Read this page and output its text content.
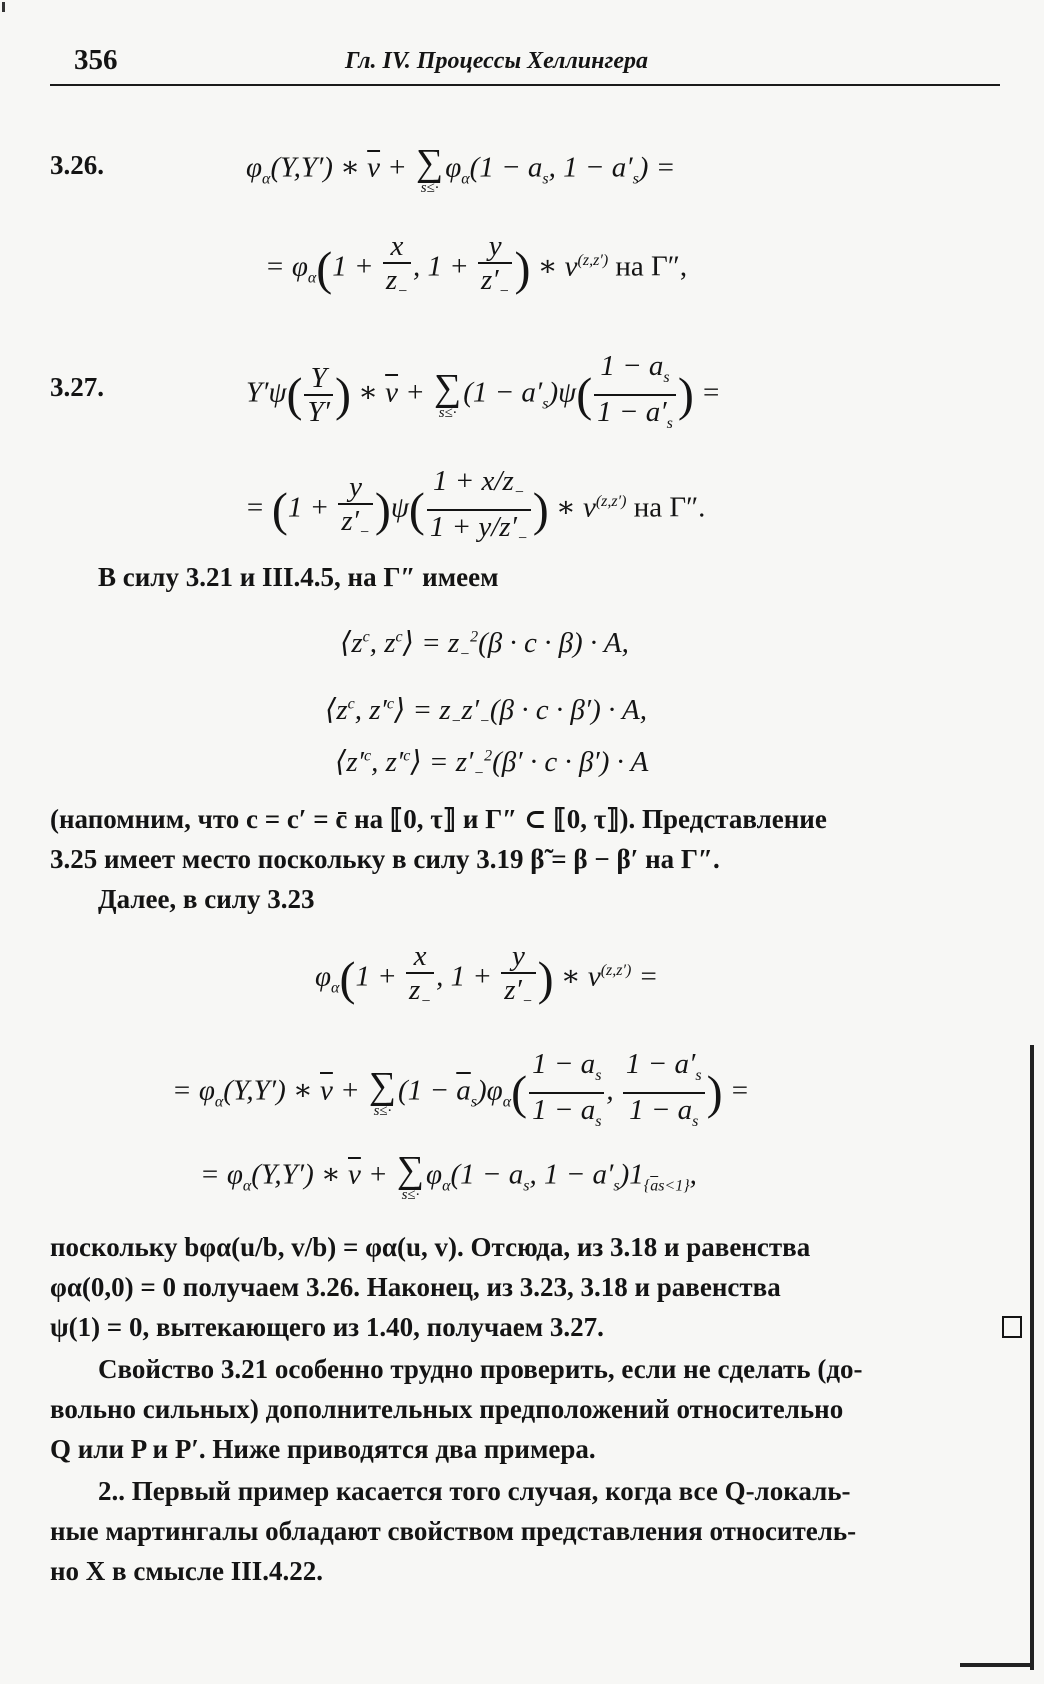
356	Гл. IV. Процессы Хеллингера
3.26.	$\varphi_\alpha(Y,Y')$ ∗ $\overline{\nu}$ + ∑
s≤·
$\varphi_\alpha(1 - a_s$, $1 - a'_s$) =
= $\varphi_\alpha(1 + \frac{x}{z_-}$ , $1 + \frac{y}{z'_-}$ ) ∗ $\nu^{(z,z')}$ на Γ″,
3.27.	$Y'\psi( \frac{Y}{Y'}$ ) ∗ $\overline{\nu}$ + ∑
s≤·
$(1 - a'_s)\psi( \frac{1 - a_s}{1 - a'_s}$ ) =
= $(1 + \frac{y}{z'_-} )\psi( \frac{1 + x/z_-}{1 + y/z'_-}$ ) ∗ $\nu^{(z,z')}$ на Γ″.
В силу 3.21 и III.4.5, на Γ″ имеем
$⟨z^c$, $z^c⟩ = z_-^2(\beta \cdot c \cdot \beta) \cdot A$,
$⟨z^c$, $z'^c⟩ = z_-z'_-(\beta \cdot c \cdot \beta') \cdot A$,
$⟨z'^c$, $z'^c⟩ = z'_-^2(\beta' \cdot c \cdot \beta') \cdot A$
(напомним, что c = c′ = c̄ на ⟦0, τ⟧ и Γ″ ⊂ ⟦0, τ⟧). Представление
3.25 имеет место поскольку в силу 3.19 β̃ = β − β′ на Γ″.
Далее, в силу 3.23
$\varphi_\alpha(1 + \frac{x}{z_-}$ , $1 + \frac{y}{z'_-}$ ) ∗ $\nu^{(z,z')}$ =
= $\varphi_\alpha(Y,Y')$ ∗ $\overline{\nu}$ + ∑
s≤·
$(1 - \overline{a}_s)\varphi_\alpha( \frac{1 - a_s}{1 - \overline{a}_s}$ , $\frac{1 - a'_s}{1 - \overline{a}_s}$ ) =
= $\varphi_\alpha(Y,Y')$ ∗ $\overline{\nu}$ + ∑
s≤·
$\varphi_\alpha(1 - a_s$, $1 - a'_s)1_{\{\overline{a}s<1\}}$,
поскольку bφα(u/b, v/b) = φα(u, v). Отсюда, из 3.18 и равенства
φα(0,0) = 0 получаем 3.26. Наконец, из 3.23, 3.18 и равенства
ψ(1) = 0, вытекающего из 1.40, получаем 3.27.
Свойство 3.21 особенно трудно проверить, если не сделать (до-
вольно сильных) дополнительных предположений относительно
Q или P и P′. Ниже приводятся два примера.
2.. Первый пример касается того случая, когда все Q-локаль-
ные мартингалы обладают свойством представления относитель-
но X в смысле III.4.22.
